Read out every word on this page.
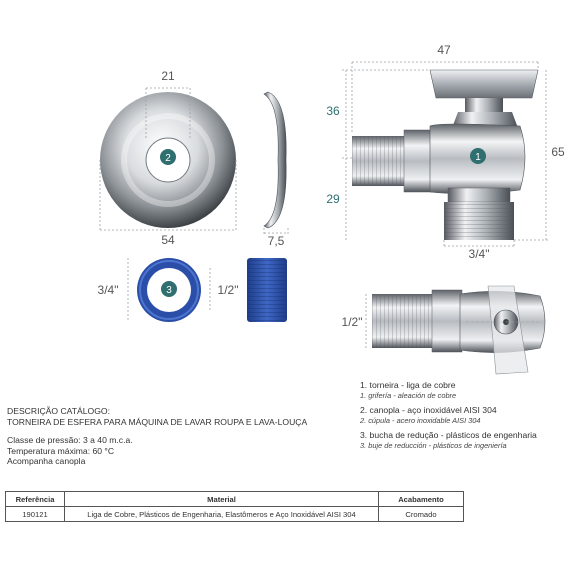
2
21
54	7,5
3
3/4"	1/2"
1
47
36
29
65
3/4"
1/2"
1. torneira - liga de cobre
1. grifería - aleación de cobre
2. canopla - aço inoxidável AISI 304
2. cúpula - acero inoxidable AISI 304
3. bucha de redução - plásticos de engenharia
3. buje de reducción - plásticos de ingeniería
DESCRIÇÃO CATÁLOGO:
TORNEIRA DE ESFERA PARA MÁQUINA DE LAVAR ROUPA E LAVA-LOUÇA
Classe de pressão: 3 a 40 m.c.a.
Temperatura máxima: 60 °C
Acompanha canopla
Referência	Material	Acabamento
190121	Liga de Cobre, Plásticos de Engenharia, Elastômeros e Aço Inoxidável AISI 304	Cromado
